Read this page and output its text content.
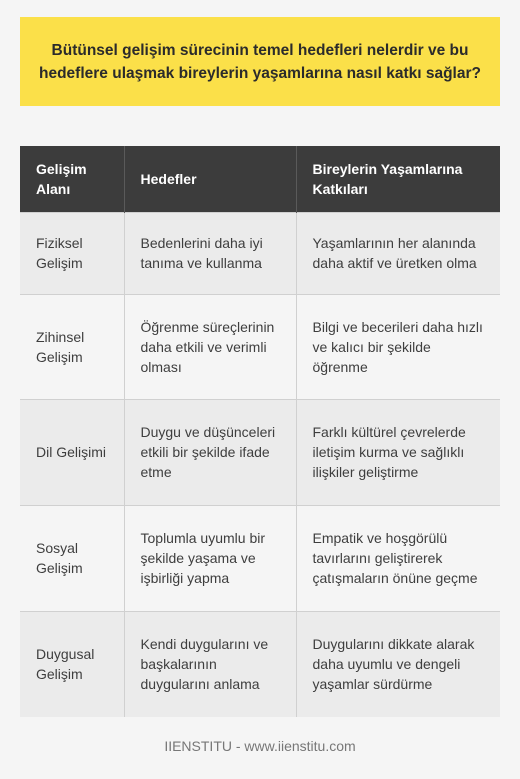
Bütünsel gelişim sürecinin temel hedefleri nelerdir ve bu hedeflere ulaşmak bireylerin yaşamlarına nasıl katkı sağlar?
Gelişim Alanı	Hedefler	Bireylerin Yaşamlarına Katkıları
Fiziksel Gelişim	Bedenlerini daha iyi tanıma ve kullanma	Yaşamlarının her alanında daha aktif ve üretken olma
Zihinsel Gelişim	Öğrenme süreçlerinin daha etkili ve verimli olması	Bilgi ve becerileri daha hızlı ve kalıcı bir şekilde öğrenme
Dil Gelişimi	Duygu ve düşünceleri etkili bir şekilde ifade etme	Farklı kültürel çevrelerde iletişim kurma ve sağlıklı ilişkiler geliştirme
Sosyal Gelişim	Toplumla uyumlu bir şekilde yaşama ve işbirliği yapma	Empatik ve hoşgörülü tavırlarını geliştirerek çatışmaların önüne geçme
Duygusal Gelişim	Kendi duygularını ve başkalarının duygularını anlama	Duygularını dikkate alarak daha uyumlu ve dengeli yaşamlar sürdürme
IIENSTITU - www.iienstitu.com
